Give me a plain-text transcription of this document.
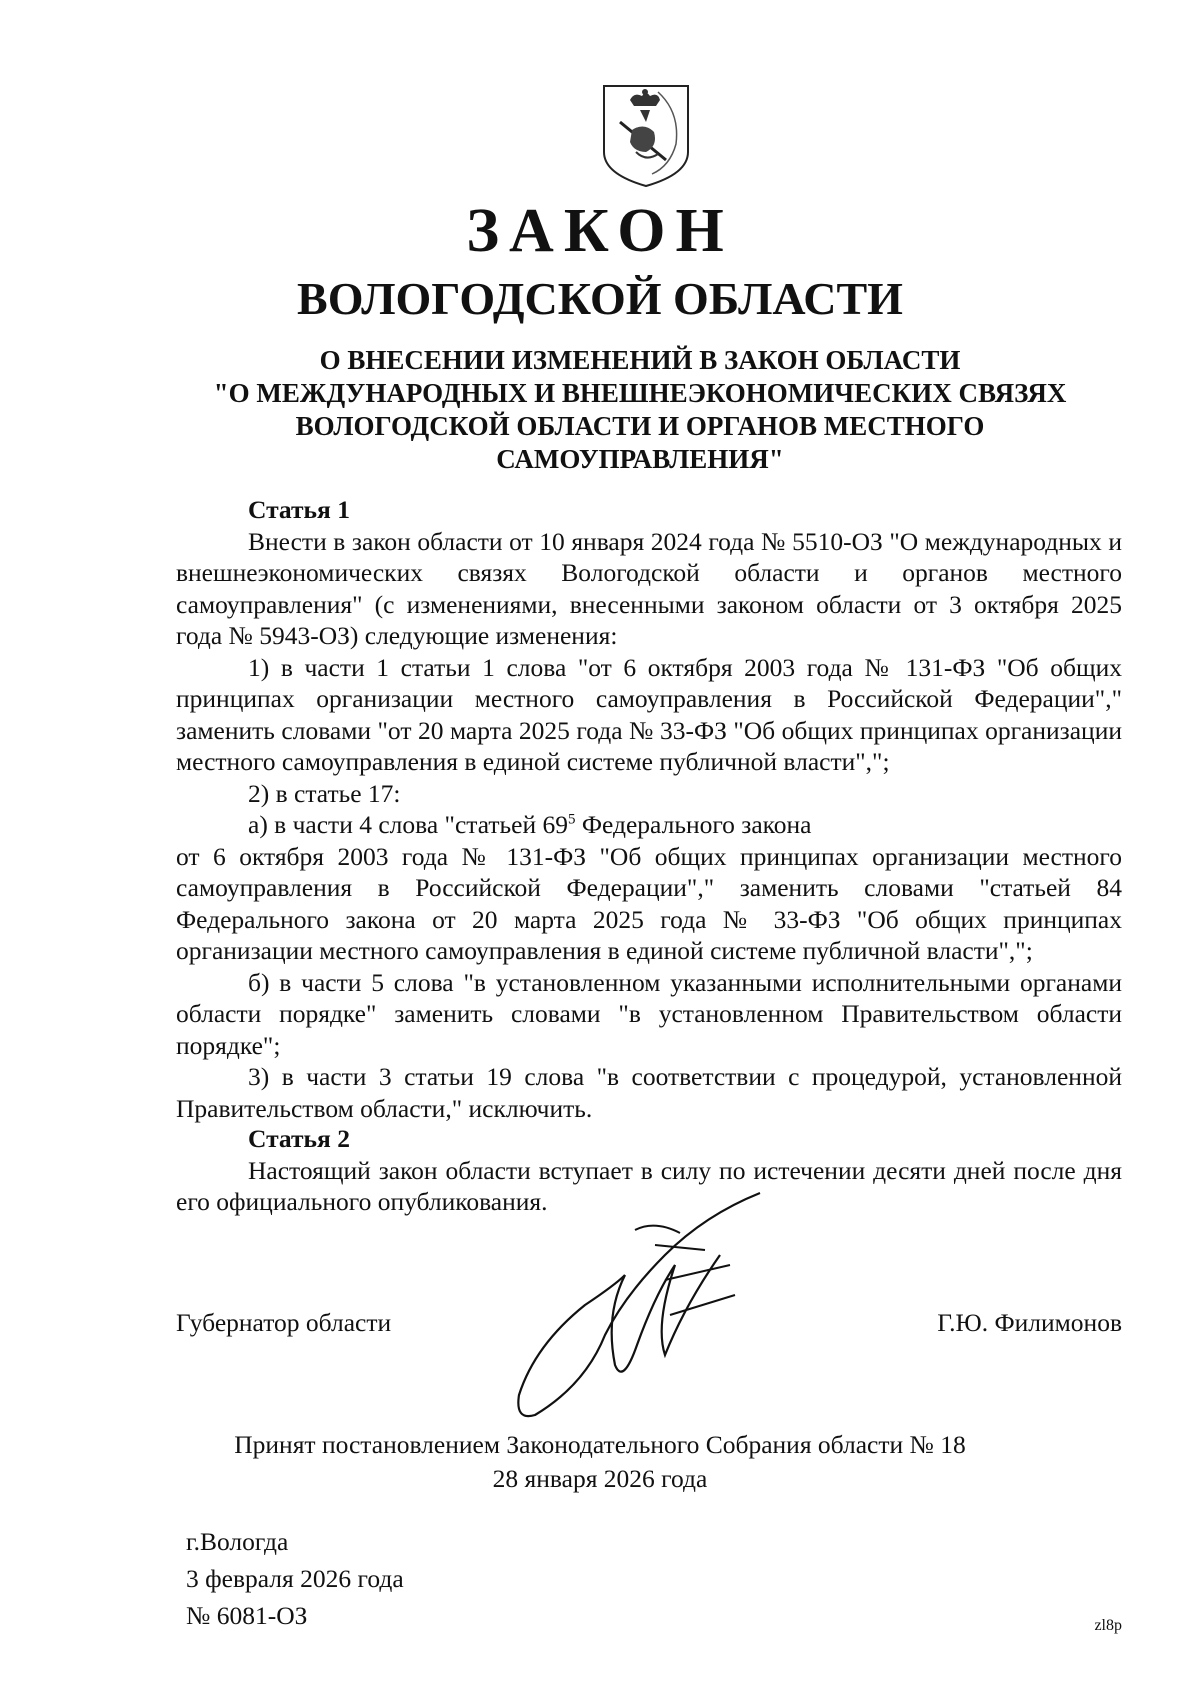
ЗАКОН
ВОЛОГОДСКОЙ ОБЛАСТИ
О ВНЕСЕНИИ ИЗМЕНЕНИЙ В ЗАКОН ОБЛАСТИ
"О МЕЖДУНАРОДНЫХ И ВНЕШНЕЭКОНОМИЧЕСКИХ СВЯЗЯХ
ВОЛОГОДСКОЙ ОБЛАСТИ И ОРГАНОВ МЕСТНОГО
САМОУПРАВЛЕНИЯ"

Статья 1

Внести в закон области от 10 января 2024 года № 5510-ОЗ "О международных и внешнеэкономических связях Вологодской области и органов местного самоуправления" (с изменениями, внесенными законом области от 3 октября 2025 года № 5943-ОЗ) следующие изменения:

1) в части 1 статьи 1 слова "от 6 октября 2003 года № 131-ФЗ "Об общих принципах организации местного самоуправления в Российской Федерации"," заменить словами "от 20 марта 2025 года № 33-ФЗ "Об общих принципах организации местного самоуправления в единой системе публичной власти",";

2) в статье 17:

а) в части 4 слова "статьей $69^5$ Федерального закона

от 6 октября 2003 года № 131-ФЗ "Об общих принципах организации местного самоуправления в Российской Федерации"," заменить словами "статьей 84 Федерального закона от 20 марта 2025 года № 33-ФЗ "Об общих принципах организации местного самоуправления в единой системе публичной власти",";

б) в части 5 слова "в установленном указанными исполнительными органами области порядке" заменить словами "в установленном Правительством области порядке";

3) в части 3 статьи 19 слова "в соответствии с процедурой, установленной Правительством области," исключить.

Статья 2

Настоящий закон области вступает в силу по истечении десяти дней после дня его официального опубликования.

Губернатор области	Г.Ю. Филимонов
Принят постановлением Законодательного Собрания области № 18
28 января 2026 года
г.Вологда
3 февраля 2026 года
№ 6081-ОЗ	zl8p
